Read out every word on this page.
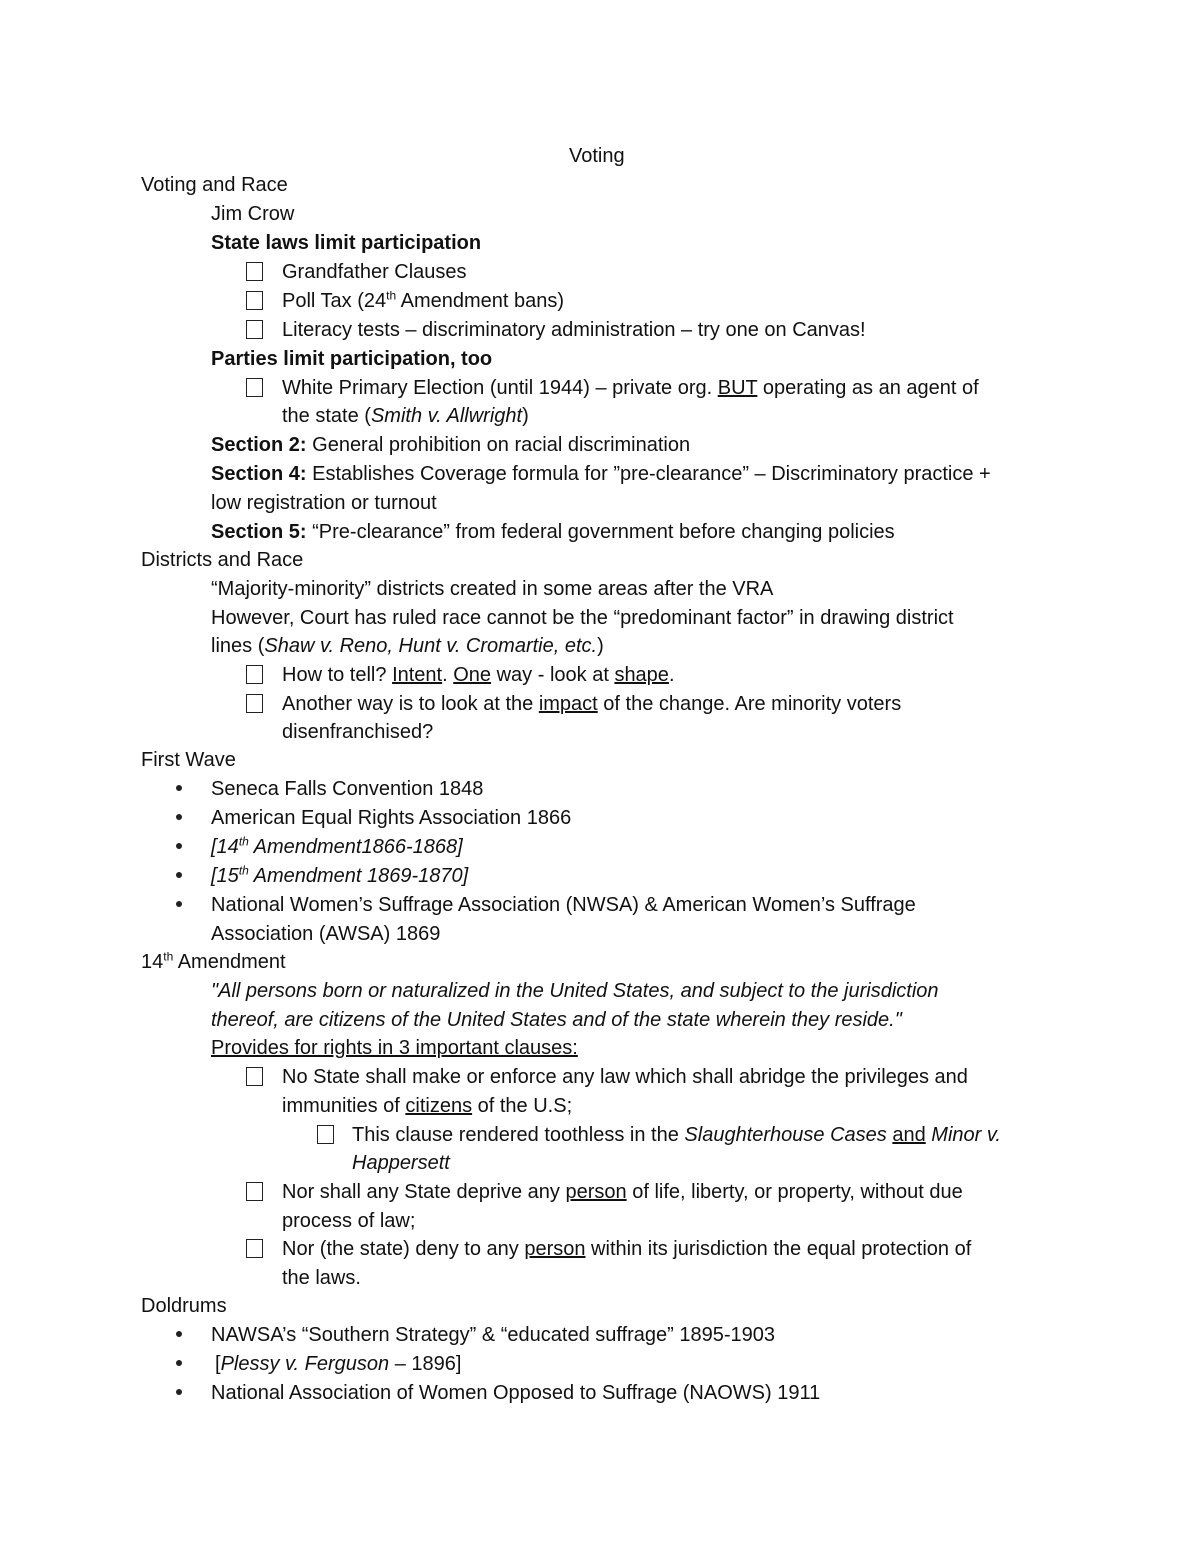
Voting
Voting and Race
Jim Crow
State laws limit participation
Grandfather Clauses
Poll Tax (24th Amendment bans)
Literacy tests – discriminatory administration – try one on Canvas!
Parties limit participation, too
White Primary Election (until 1944) – private org. BUT operating as an agent of
the state (Smith v. Allwright)
Section 2: General prohibition on racial discrimination
Section 4: Establishes Coverage formula for ”pre-clearance” – Discriminatory practice +
low registration or turnout
Section 5: “Pre-clearance” from federal government before changing policies
Districts and Race
“Majority-minority” districts created in some areas after the VRA
However, Court has ruled race cannot be the “predominant factor” in drawing district
lines (Shaw v. Reno, Hunt v. Cromartie, etc.)
How to tell? Intent. One way - look at shape.
Another way is to look at the impact of the change. Are minority voters
disenfranchised?
First Wave
Seneca Falls Convention 1848
American Equal Rights Association 1866
[14th Amendment1866-1868]
[15th Amendment 1869-1870]
National Women’s Suffrage Association (NWSA) & American Women’s Suffrage
Association (AWSA) 1869
14th Amendment
"All persons born or naturalized in the United States, and subject to the jurisdiction
thereof, are citizens of the United States and of the state wherein they reside."
Provides for rights in 3 important clauses:
No State shall make or enforce any law which shall abridge the privileges and
immunities of citizens of the U.S;
This clause rendered toothless in the Slaughterhouse Cases and Minor v.
Happersett
Nor shall any State deprive any person of life, liberty, or property, without due
process of law;
Nor (the state) deny to any person within its jurisdiction the equal protection of
the laws.
Doldrums
NAWSA’s “Southern Strategy” & “educated suffrage” 1895-1903
[Plessy v. Ferguson – 1896]
National Association of Women Opposed to Suffrage (NAOWS) 1911
